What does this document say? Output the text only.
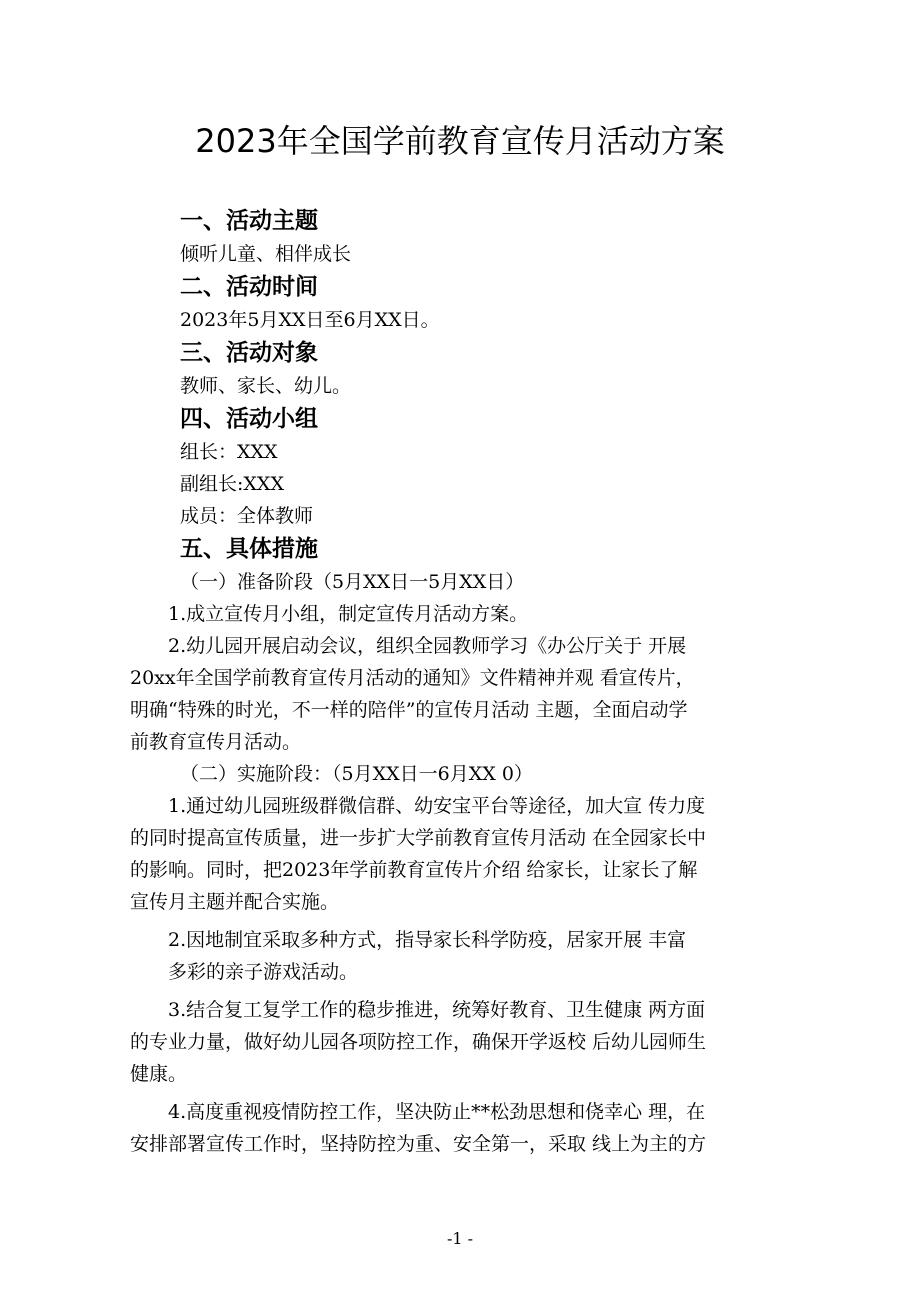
2023年全国学前教育宣传月活动方案
一、活动主题
倾听儿童、相伴成长
二、活动时间
2023年5月XX日至6月XX日。
三、活动对象
教师、家长、幼儿。
四、活动小组
组长：XXX
副组长:XXX
成员：全体教师
五、具体措施
（一）准备阶段（5月XX日一5月XX日）
1.成立宣传月小组，制定宣传月活动方案。
2.幼儿园开展启动会议，组织全园教师学习《办公厅关于 开展
20xx年全国学前教育宣传月活动的通知》文件精神并观 看宣传片，
明确“特殊的时光，不一样的陪伴”的宣传月活动 主题，全面启动学
前教育宣传月活动。
（二）实施阶段：（5月XX日一6月XX 0）
1.通过幼儿园班级群微信群、幼安宝平台等途径，加大宣 传力度
的同时提高宣传质量，进一步扩大学前教育宣传月活动 在全园家长中
的影响。同时，把2023年学前教育宣传片介绍 给家长，让家长了解
宣传月主题并配合实施。
2.因地制宜采取多种方式，指导家长科学防疫，居家开展 丰富
多彩的亲子游戏活动。
3.结合复工复学工作的稳步推进，统筹好教育、卫生健康 两方面
的专业力量，做好幼儿园各项防控工作，确保开学返校 后幼儿园师生
健康。
4.高度重视疫情防控工作，坚决防止**松劲思想和侥幸心 理，在
安排部署宣传工作时，坚持防控为重、安全第一，采取 线上为主的方
-1 -
